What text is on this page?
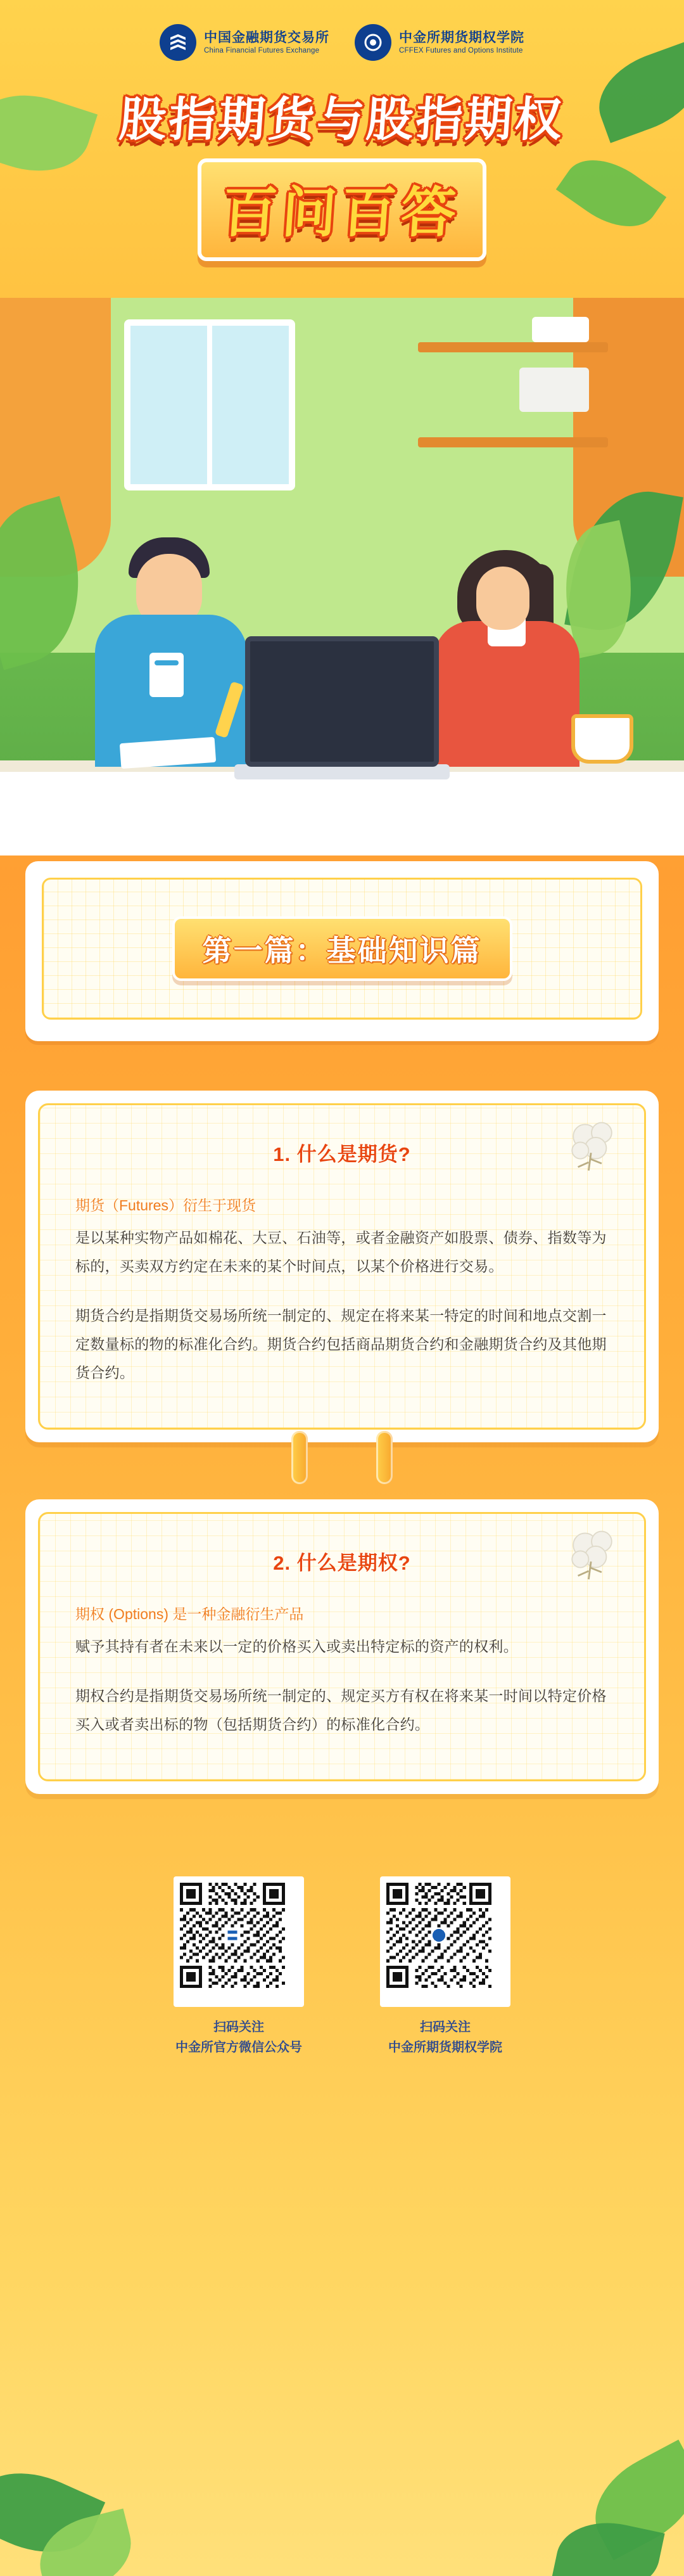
中国金融期货交易所
China Financial Futures Exchange
中金所期货期权学院
CFFEX Futures and Options Institute
股指期货与股指期权 百问百答
第一篇：基础知识篇
1. 什么是期货?

期货（Futures）衍生于现货

是以某种实物产品如棉花、大豆、石油等，或者金融资产如股票、债券、指数等为标的，买卖双方约定在未来的某个时间点，以某个价格进行交易。

期货合约是指期货交易场所统一制定的、规定在将来某一特定的时间和地点交割一定数量标的物的标准化合约。期货合约包括商品期货合约和金融期货合约及其他期货合约。

2. 什么是期权?

期权 (Options) 是一种金融衍生产品

赋予其持有者在未来以一定的价格买入或卖出特定标的资产的权利。

期权合约是指期货交易场所统一制定的、规定买方有权在将来某一时间以特定价格买入或者卖出标的物（包括期货合约）的标准化合约。

扫码关注
中金所官方微信公众号
扫码关注
中金所期货期权学院
